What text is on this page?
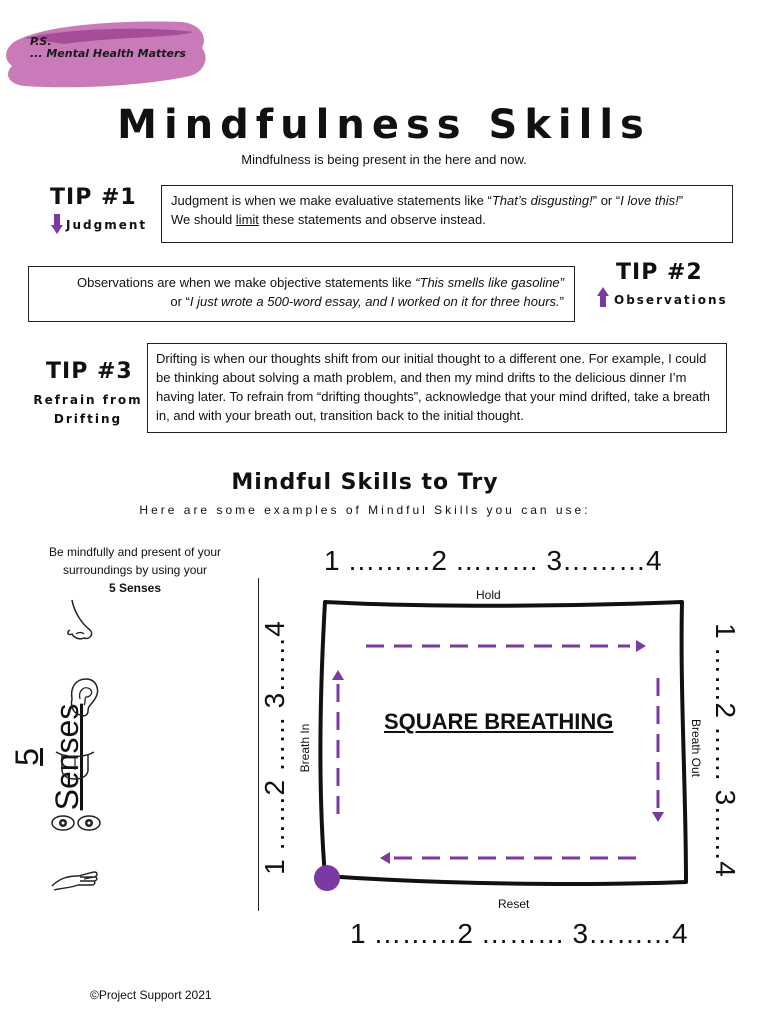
P.S.
... Mental Health Matters
Mindfulness Skills
Mindfulness is being present in the here and now.
TIP #1
Judgment
Judgment is when we make evaluative statements like “That’s disgusting!” or “I love this!”
We should limit these statements and observe instead.
Observations are when we make objective statements like “This smells like gasoline”
or “I just wrote a 500-word essay, and I worked on it for three hours.”
TIP #2
Observations
TIP #3
Refrain from
Drifting
Drifting is when our thoughts shift from our initial thought to a different one. For example, I could be thinking about solving a math problem, and then my mind drifts to the delicious dinner I’m having later. To refrain from “drifting thoughts”, acknowledge that your mind drifted, take a breath in, and with your breath out, transition back to the initial thought.
Mindful Skills to Try
Here are some examples of Mindful Skills you can use:
Be mindfully and present of your
surroundings by using your
5 Senses
5 Senses
1 ………2 ……… 3………4
Hold
Reset
1 ………2 ……… 3………4
1 ……2 …… 3……4	1 ……2 …… 3……4
Breath In	Breath Out
SQUARE BREATHING
©Project Support 2021
